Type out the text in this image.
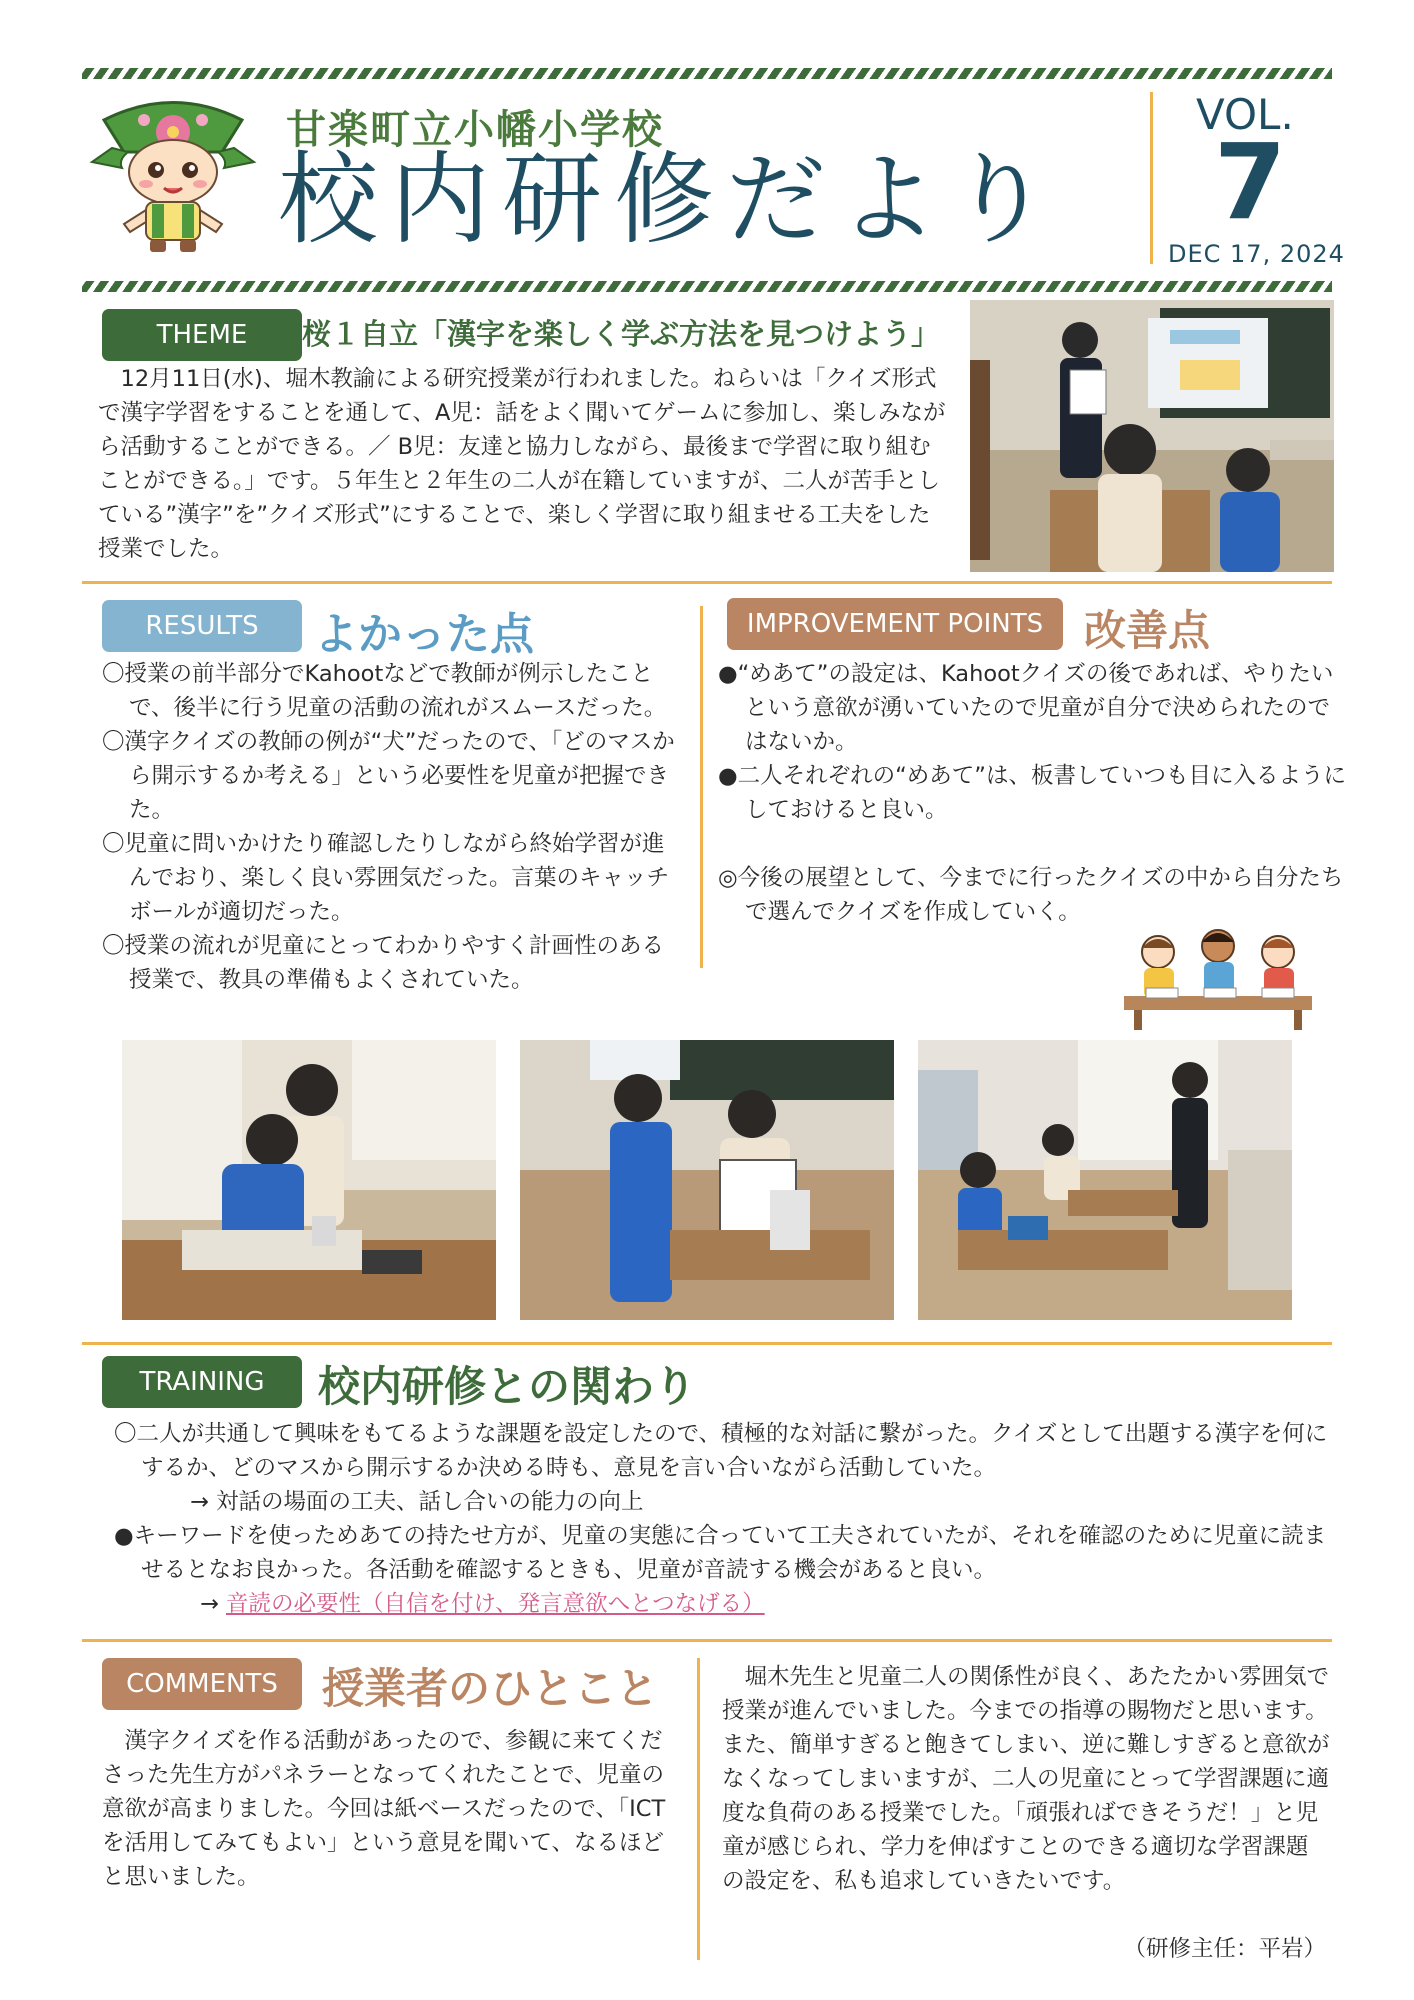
甘楽町立小幡小学校
校内研修だより
VOL.
7
DEC 17, 2024
THEME	桜１自立「漢字を楽しく学ぶ方法を見つけよう」
　12月11日(水)、堀木教諭による研究授業が行われました。ねらいは「クイズ形式で漢字学習をすることを通して、A児：話をよく聞いてゲームに参加し、楽しみながら活動することができる。／ B児：友達と協力しながら、最後まで学習に取り組むことができる。」です。５年生と２年生の二人が在籍していますが、二人が苦手としている”漢字”を”クイズ形式”にすることで、楽しく学習に取り組ませる工夫をした授業でした。
RESULTS	よかった点
〇授業の前半部分でKahootなどで教師が例示したことで、後半に行う児童の活動の流れがスムースだった。
〇漢字クイズの教師の例が“犬”だったので、「どのマスから開示するか考える」という必要性を児童が把握できた。
〇児童に問いかけたり確認したりしながら終始学習が進んでおり、楽しく良い雰囲気だった。言葉のキャッチボールが適切だった。
〇授業の流れが児童にとってわかりやすく計画性のある授業で、教具の準備もよくされていた。
IMPROVEMENT POINTS 改善点
●“めあて”の設定は、Kahootクイズの後であれば、やりたいという意欲が湧いていたので児童が自分で決められたのではないか。
●二人それぞれの“めあて”は、板書していつも目に入るようにしておけると良い。
◎今後の展望として、今までに行ったクイズの中から自分たちで選んでクイズを作成していく。
TRAINING	校内研修との関わり
〇二人が共通して興味をもてるような課題を設定したので、積極的な対話に繋がった。クイズとして出題する漢字を何にするか、どのマスから開示するか決める時も、意見を言い合いながら活動していた。
→ 対話の場面の工夫、話し合いの能力の向上
●キーワードを使っためあての持たせ方が、児童の実態に合っていて工夫されていたが、それを確認のために児童に読ませるとなお良かった。各活動を確認するときも、児童が音読する機会があると良い。
→ 音読の必要性（自信を付け、発言意欲へとつなげる）
COMMENTS	授業者のひとこと
　漢字クイズを作る活動があったので、参観に来てくださった先生方がパネラーとなってくれたことで、児童の意欲が高まりました。今回は紙ベースだったので、「ICTを活用してみてもよい」という意見を聞いて、なるほどと思いました。
　堀木先生と児童二人の関係性が良く、あたたかい雰囲気で授業が進んでいました。今までの指導の賜物だと思います。また、簡単すぎると飽きてしまい、逆に難しすぎると意欲がなくなってしまいますが、二人の児童にとって学習課題に適度な負荷のある授業でした。「頑張ればできそうだ！」と児童が感じられ、学力を伸ばすことのできる適切な学習課題の設定を、私も追求していきたいです。
（研修主任：平岩）
